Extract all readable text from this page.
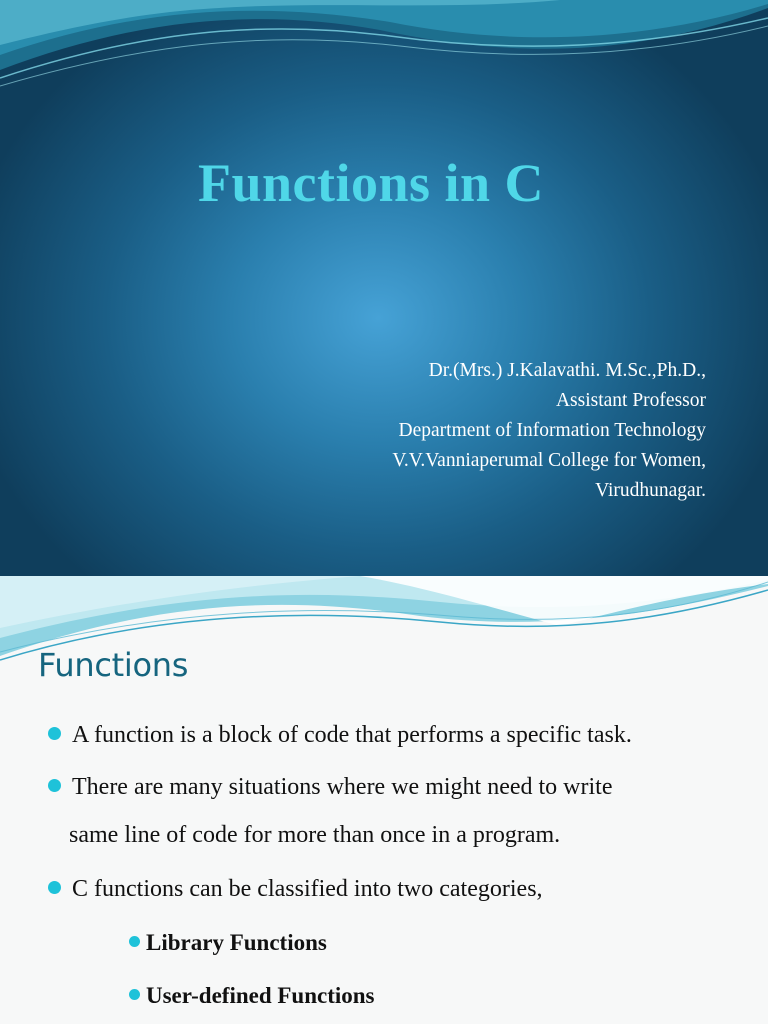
Functions in C
Dr.(Mrs.) J.Kalavathi. M.Sc.,Ph.D.,
Assistant Professor
Department of Information Technology
V.V.Vanniaperumal College for Women,
Virudhunagar.
Functions
A function is a block of code that performs a specific task.
There are many situations where we might need to write
same line of code for more than once in a program.
C functions can be classified into two categories,
Library Functions
User-defined Functions
